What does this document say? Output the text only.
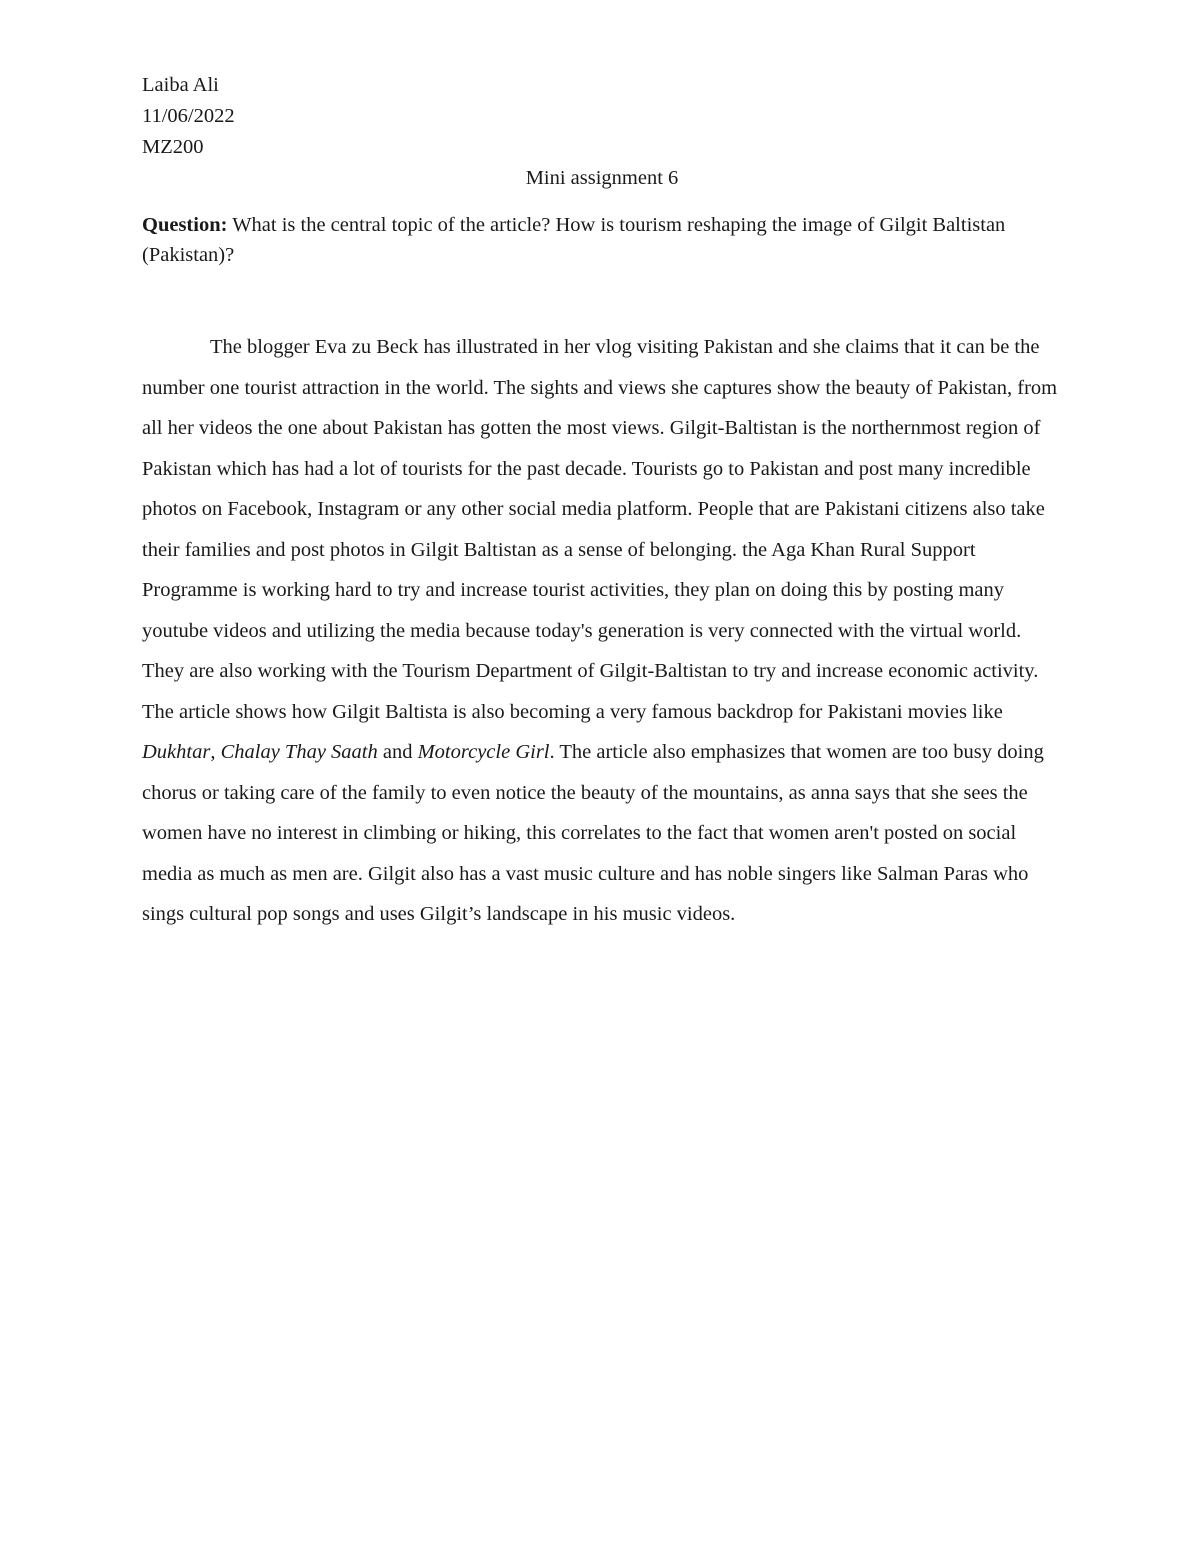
Laiba Ali
11/06/2022
MZ200
Mini assignment 6
Question: What is the central topic of the article? How is tourism reshaping the image of Gilgit Baltistan (Pakistan)?
The blogger Eva zu Beck has illustrated in her vlog visiting Pakistan and she claims that it can be the number one tourist attraction in the world. The sights and views she captures show the beauty of Pakistan, from all her videos the one about Pakistan has gotten the most views. Gilgit-Baltistan is the northernmost region of Pakistan which has had a lot of tourists for the past decade. Tourists go to Pakistan and post many incredible photos on Facebook, Instagram or any other social media platform. People that are Pakistani citizens also take their families and post photos in Gilgit Baltistan as a sense of belonging. the Aga Khan Rural Support Programme is working hard to try and increase tourist activities, they plan on doing this by posting many youtube videos and utilizing the media because today's generation is very connected with the virtual world. They are also working with the Tourism Department of Gilgit-Baltistan to try and increase economic activity. The article shows how Gilgit Baltista is also becoming a very famous backdrop for Pakistani movies like Dukhtar, Chalay Thay Saath and Motorcycle Girl. The article also emphasizes that women are too busy doing chorus or taking care of the family to even notice the beauty of the mountains, as anna says that she sees the women have no interest in climbing or hiking, this correlates to the fact that women aren't posted on social media as much as men are. Gilgit also has a vast music culture and has noble singers like Salman Paras who sings cultural pop songs and uses Gilgit’s landscape in his music videos.
